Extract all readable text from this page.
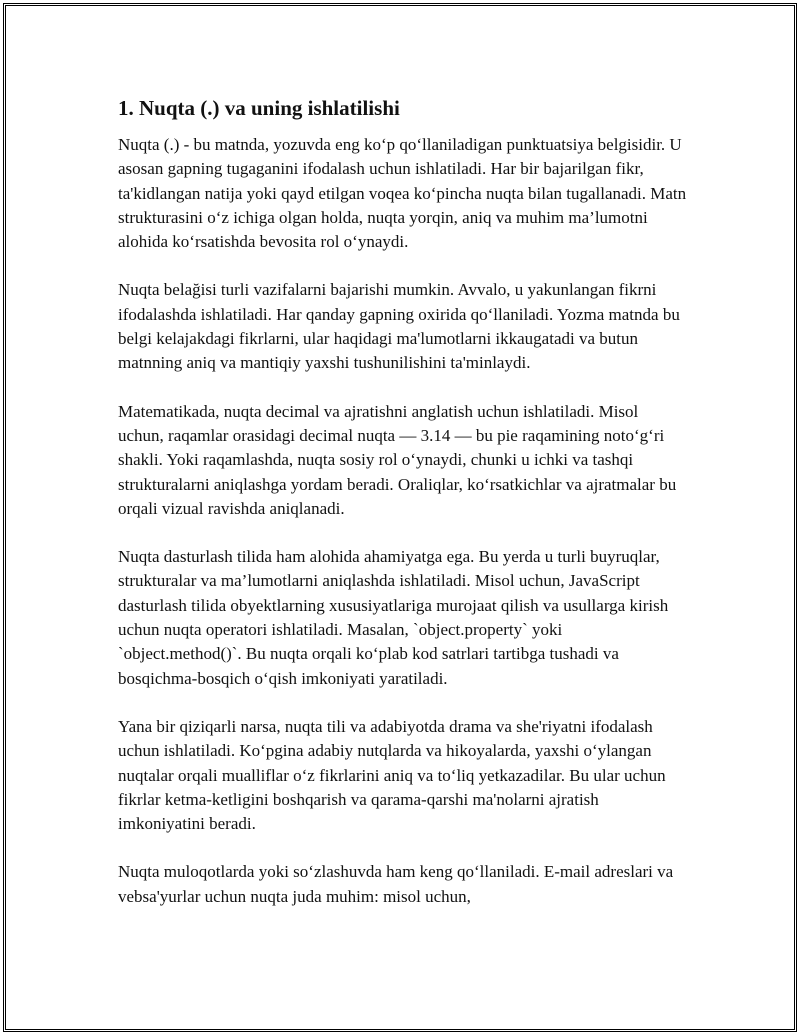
1. Nuqta (.) va uning ishlatilishi

Nuqta (.) - bu matnda, yozuvda eng ko‘p qo‘llaniladigan punktuatsiya belgisidir. U asosan gapning tugaganini ifodalash uchun ishlatiladi. Har bir bajarilgan fikr, ta'kidlangan natija yoki qayd etilgan voqea ko‘pincha nuqta bilan tugallanadi. Matn strukturasini o‘z ichiga olgan holda, nuqta yorqin, aniq va muhim ma’lumotni alohida ko‘rsatishda bevosita rol o‘ynaydi.

Nuqta belağisi turli vazifalarni bajarishi mumkin. Avvalo, u yakunlangan fikrni ifodalashda ishlatiladi. Har qanday gapning oxirida qo‘llaniladi. Yozma matnda bu belgi kelajakdagi fikrlarni, ular haqidagi ma'lumotlarni ikkaugatadi va butun matnning aniq va mantiqiy yaxshi tushunilishini ta'minlaydi.

Matematikada, nuqta decimal va ajratishni anglatish uchun ishlatiladi. Misol uchun, raqamlar orasidagi decimal nuqta — 3.14 — bu pie raqamining noto‘g‘ri shakli. Yoki raqamlashda, nuqta sosiy rol o‘ynaydi, chunki u ichki va tashqi strukturalarni aniqlashga yordam beradi. Oraliqlar, ko‘rsatkichlar va ajratmalar bu orqali vizual ravishda aniqlanadi.

Nuqta dasturlash tilida ham alohida ahamiyatga ega. Bu yerda u turli buyruqlar, strukturalar va ma’lumotlarni aniqlashda ishlatiladi. Misol uchun, JavaScript dasturlash tilida obyektlarning xususiyatlariga murojaat qilish va usullarga kirish uchun nuqta operatori ishlatiladi. Masalan, `object.property` yoki `object.method()`. Bu nuqta orqali ko‘plab kod satrlari tartibga tushadi va bosqichma-bosqich o‘qish imkoniyati yaratiladi.

Yana bir qiziqarli narsa, nuqta tili va adabiyotda drama va she'riyatni ifodalash uchun ishlatiladi. Ko‘pgina adabiy nutqlarda va hikoyalarda, yaxshi o‘ylangan nuqtalar orqali mualliflar o‘z fikrlarini aniq va to‘liq yetkazadilar. Bu ular uchun fikrlar ketma-ketligini boshqarish va qarama-qarshi ma'nolarni ajratish imkoniyatini beradi.

Nuqta muloqotlarda yoki so‘zlashuvda ham keng qo‘llaniladi. E-mail adreslari va vebsa'yurlar uchun nuqta juda muhim: misol uchun,
